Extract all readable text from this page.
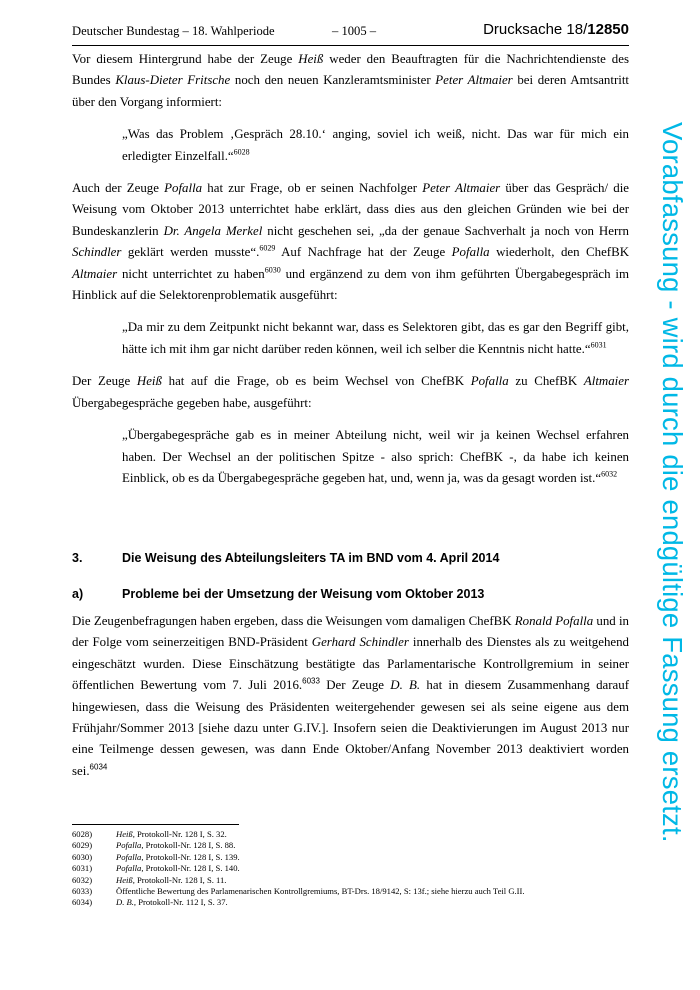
Deutscher Bundestag – 18. Wahlperiode	– 1005 –	Drucksache 18/12850

Vor diesem Hintergrund habe der Zeuge Heiß weder den Beauftragten für die Nachrichtendienste des Bundes Klaus-Dieter Fritsche noch den neuen Kanzleramtsminister Peter Altmaier bei deren Amtsantritt über den Vorgang informiert:

„Was das Problem ‚Gespräch 28.10.‘ anging, soviel ich weiß, nicht. Das war für mich ein erledigter Einzelfall.“$^{6028}$

Auch der Zeuge Pofalla hat zur Frage, ob er seinen Nachfolger Peter Altmaier über das Gespräch/ die Weisung vom Oktober 2013 unterrichtet habe erklärt, dass dies aus den gleichen Gründen wie bei der Bundeskanzlerin Dr. Angela Merkel nicht geschehen sei, „da der genaue Sachverhalt ja noch von Herrn Schindler geklärt werden musste“.$^{6029}$ Auf Nachfrage hat der Zeuge Pofalla wiederholt, den ChefBK Altmaier nicht unterrichtet zu haben$^{6030}$ und ergänzend zu dem von ihm geführten Übergabegespräch im Hinblick auf die Selektorenproblematik ausgeführt:

„Da mir zu dem Zeitpunkt nicht bekannt war, dass es Selektoren gibt, das es gar den Begriff gibt, hätte ich mit ihm gar nicht darüber reden können, weil ich selber die Kenntnis nicht hatte.“$^{6031}$

Der Zeuge Heiß hat auf die Frage, ob es beim Wechsel von ChefBK Pofalla zu ChefBK Altmaier Übergabegespräche gegeben habe, ausgeführt:

„Übergabegespräche gab es in meiner Abteilung nicht, weil wir ja keinen Wechsel erfahren haben. Der Wechsel an der politischen Spitze - also sprich: ChefBK -, da habe ich keinen Einblick, ob es da Übergabegespräche gegeben hat, und, wenn ja, was da gesagt worden ist.“$^{6032}$

3.	Die Weisung des Abteilungsleiters TA im BND vom 4. April 2014
a)	Probleme bei der Umsetzung der Weisung vom Oktober 2013

Die Zeugenbefragungen haben ergeben, dass die Weisungen vom damaligen ChefBK Ronald Pofalla und in der Folge vom seinerzeitigen BND-Präsident Gerhard Schindler innerhalb des Dienstes als zu weitgehend eingeschätzt wurden. Diese Einschätzung bestätigte das Parlamentarische Kontrollgremium in seiner öffentlichen Bewertung vom 7. Juli 2016.$^{6033}$ Der Zeuge D. B. hat in diesem Zusammenhang darauf hingewiesen, dass die Weisung des Präsidenten weitergehender gewesen sei als seine eigene aus dem Frühjahr/Sommer 2013 [siehe dazu unter G.IV.]. Insofern seien die Deaktivierungen im August 2013 nur eine Teilmenge dessen gewesen, was dann Ende Oktober/Anfang November 2013 deaktiviert worden sei.$^{6034}$

6028)	Heiß, Protokoll-Nr. 128 I, S. 32.
6029)	Pofalla, Protokoll-Nr. 128 I, S. 88.
6030)	Pofalla, Protokoll-Nr. 128 I, S. 139.
6031)	Pofalla, Protokoll-Nr. 128 I, S. 140.
6032)	Heiß, Protokoll-Nr. 128 I, S. 11.
6033)	Öffentliche Bewertung des Parlamenarischen Kontrollgremiums, BT-Drs. 18/9142, S: 13f.; siehe hierzu auch Teil G.II.
6034)	D. B., Protokoll-Nr. 112 I, S. 37.
Vorabfassung - wird durch die endgültige Fassung ersetzt.
